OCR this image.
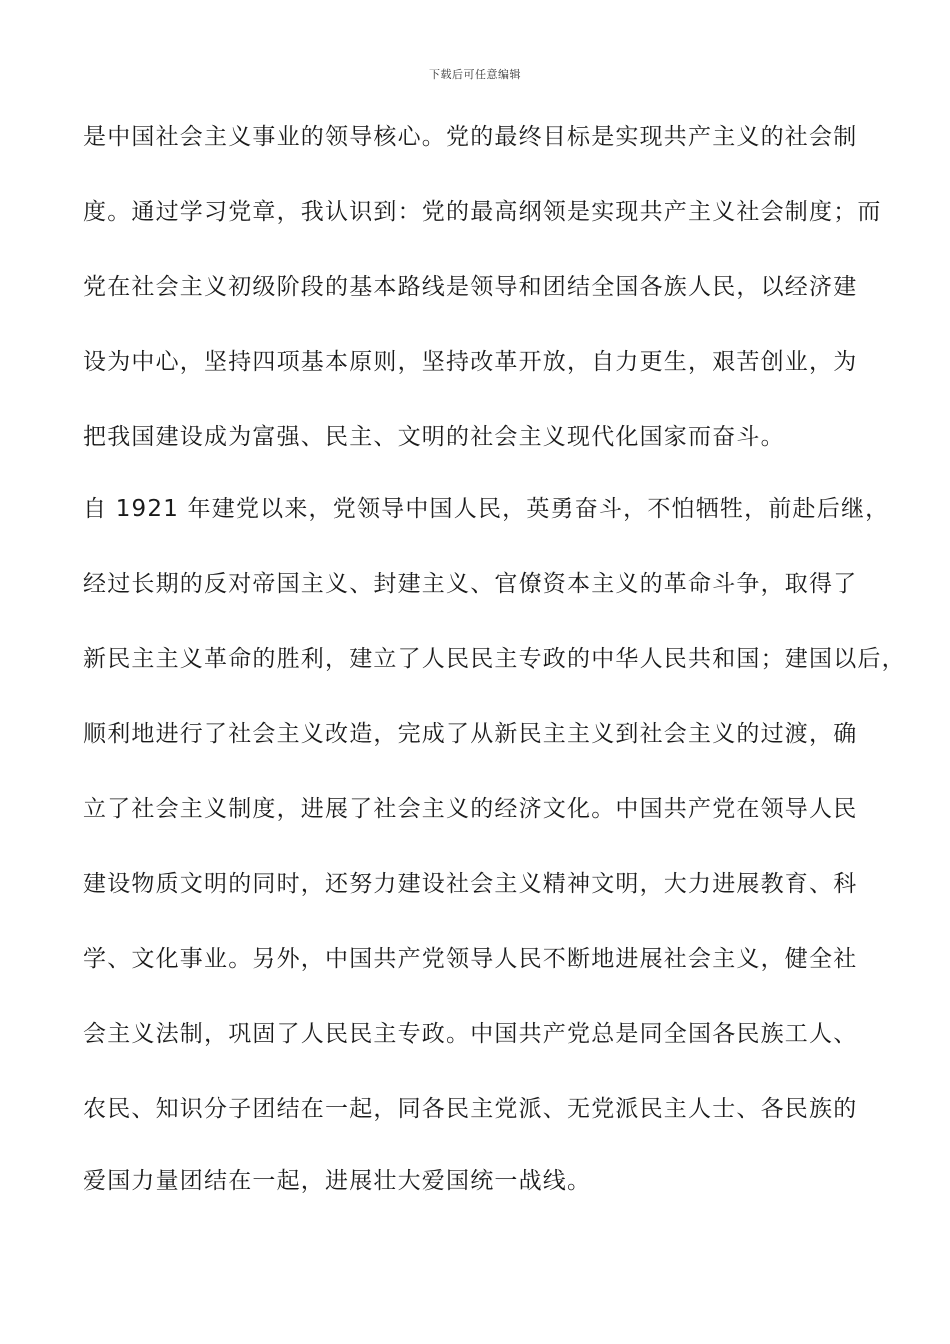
下载后可任意编辑
是中国社会主义事业的领导核心。党的最终目标是实现共产主义的社会制
度。通过学习党章，我认识到：党的最高纲领是实现共产主义社会制度；而
党在社会主义初级阶段的基本路线是领导和团结全国各族人民，以经济建
设为中心，坚持四项基本原则，坚持改革开放，自力更生，艰苦创业，为
把我国建设成为富强、民主、文明的社会主义现代化国家而奋斗。
自 1921 年建党以来，党领导中国人民，英勇奋斗，不怕牺牲，前赴后继，
经过长期的反对帝国主义、封建主义、官僚资本主义的革命斗争，取得了
新民主主义革命的胜利，建立了人民民主专政的中华人民共和国；建国以后，
顺利地进行了社会主义改造，完成了从新民主主义到社会主义的过渡，确
立了社会主义制度，进展了社会主义的经济文化。中国共产党在领导人民
建设物质文明的同时，还努力建设社会主义精神文明，大力进展教育、科
学、文化事业。另外，中国共产党领导人民不断地进展社会主义，健全社
会主义法制，巩固了人民民主专政。中国共产党总是同全国各民族工人、
农民、知识分子团结在一起，同各民主党派、无党派民主人士、各民族的
爱国力量团结在一起，进展壮大爱国统一战线。
